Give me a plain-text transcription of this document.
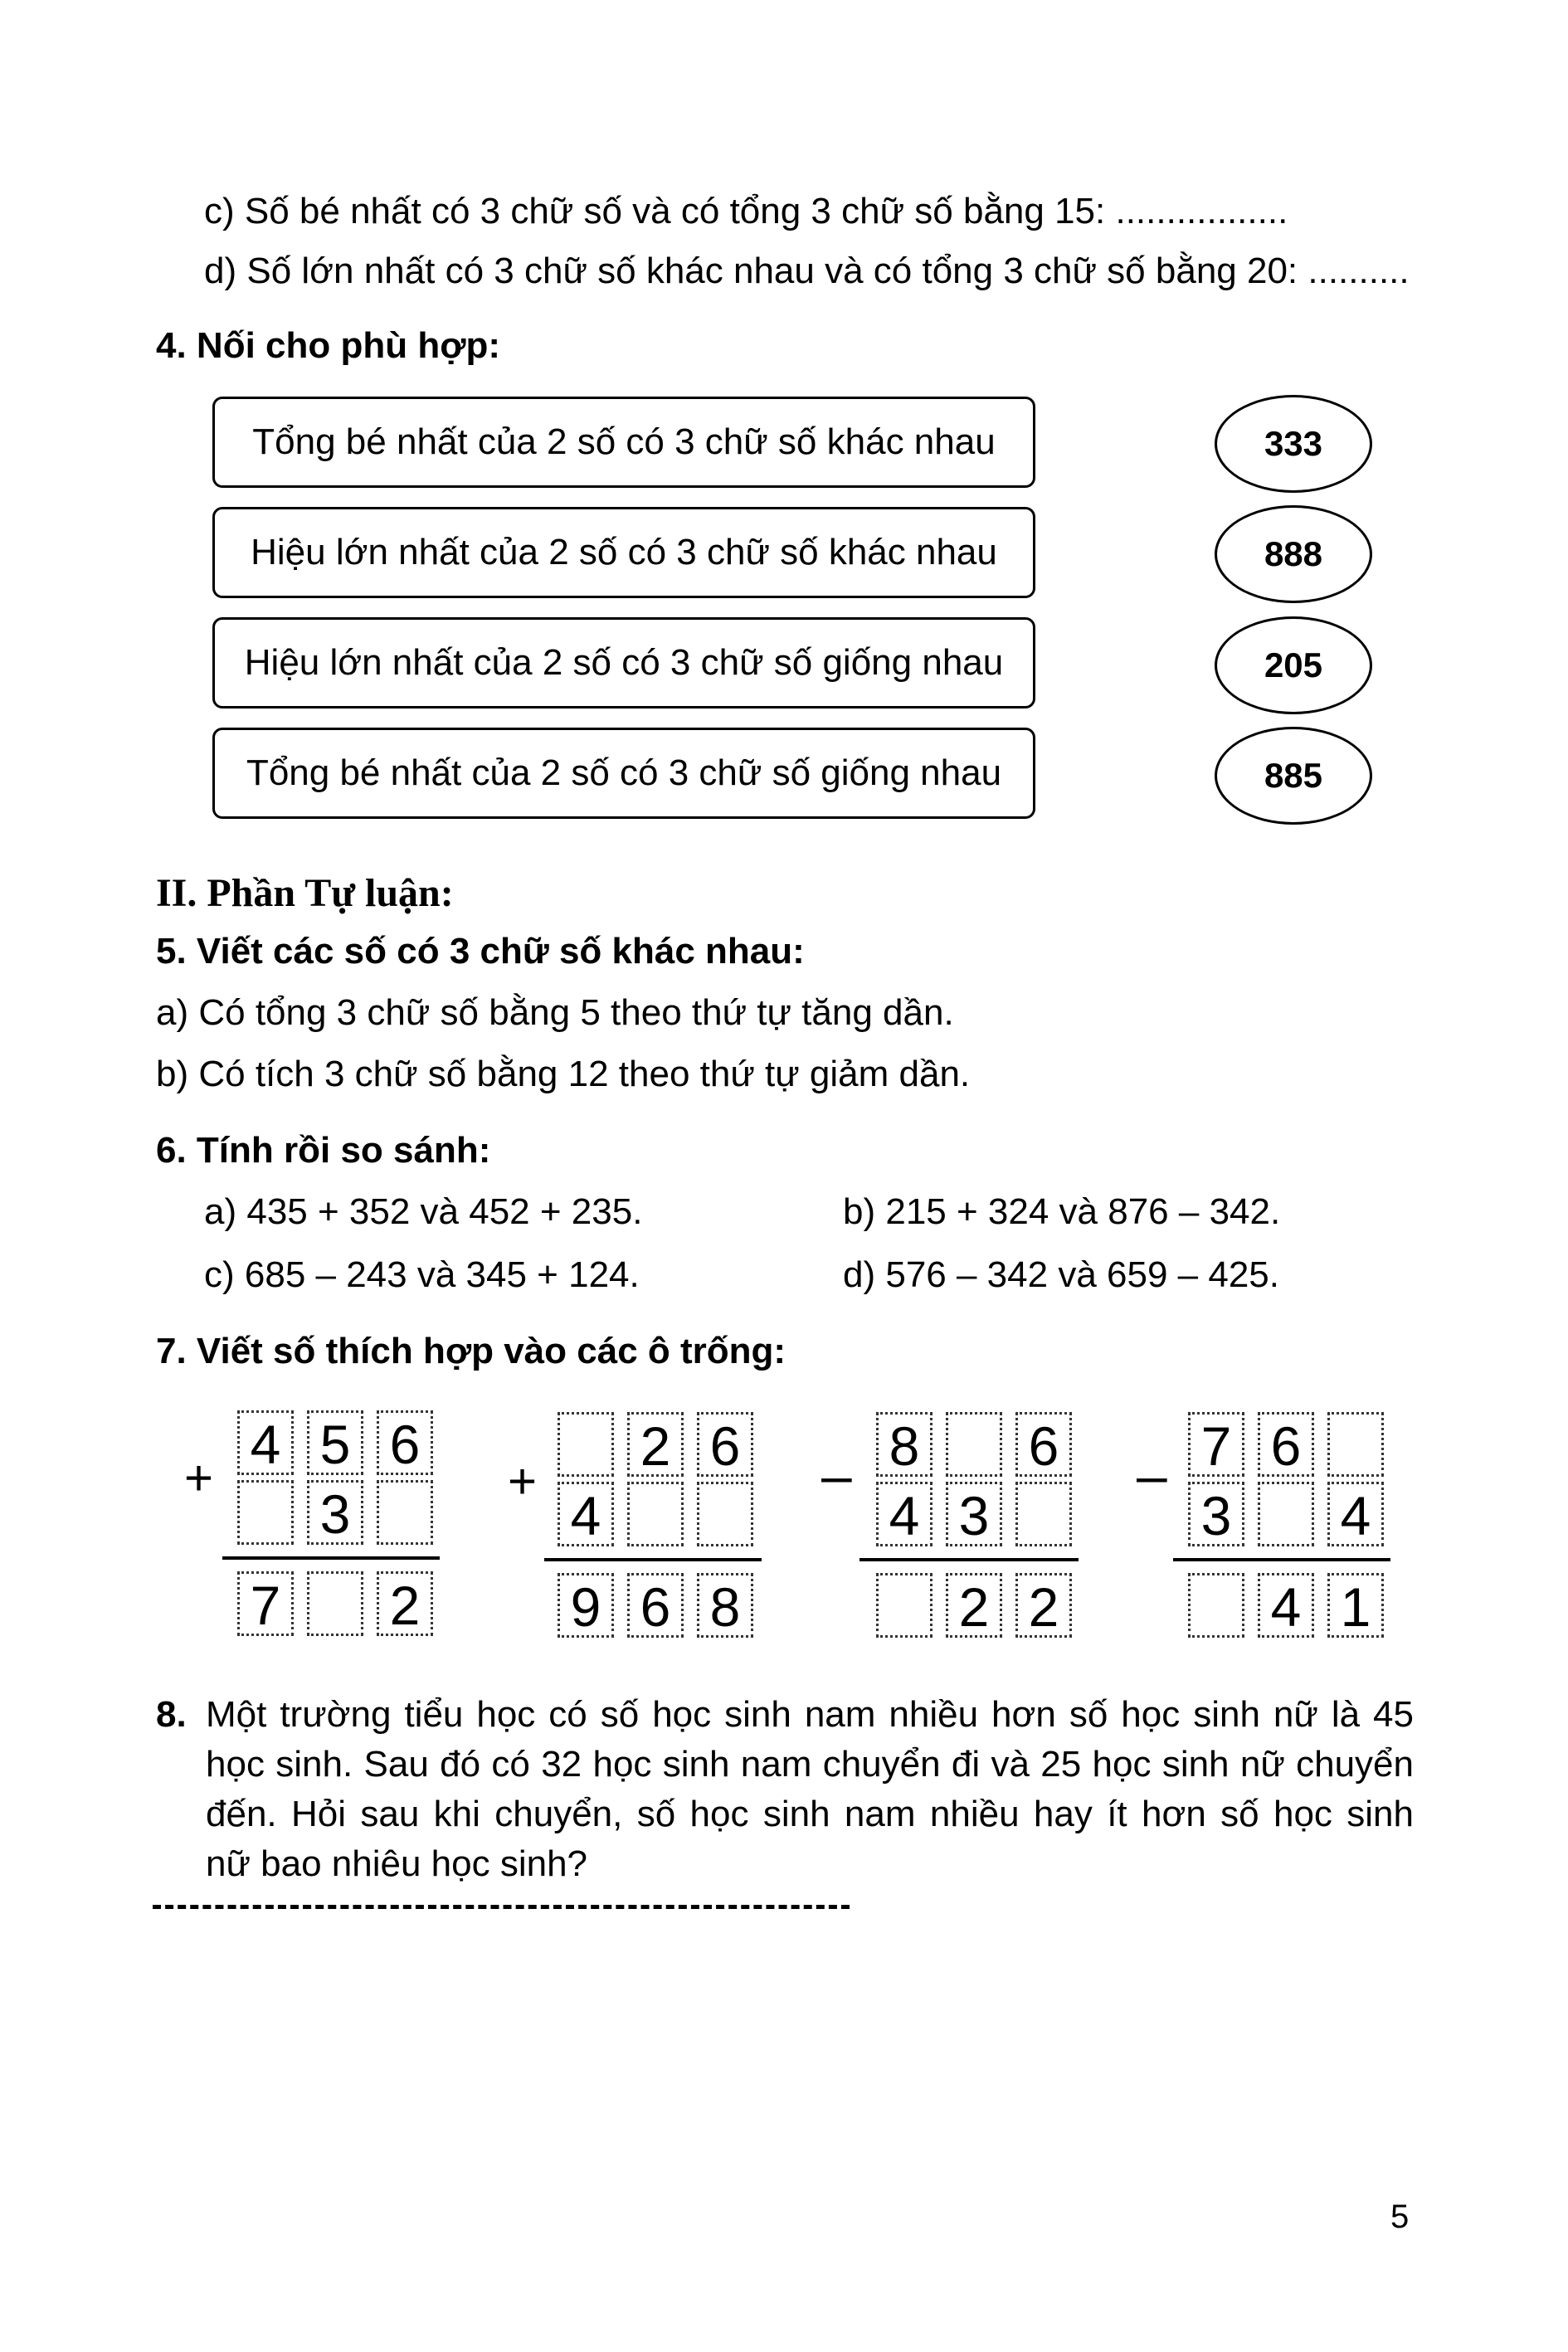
c) Số bé nhất có 3 chữ số và có tổng 3 chữ số bằng 15: .................
d) Số lớn nhất có 3 chữ số khác nhau và có tổng 3 chữ số bằng 20: ..........
4. Nối cho phù hợp:
Tổng bé nhất của 2 số có 3 chữ số khác nhau
Hiệu lớn nhất của 2 số có 3 chữ số khác nhau
Hiệu lớn nhất của 2 số có 3 chữ số giống nhau
Tổng bé nhất của 2 số có 3 chữ số giống nhau
333
888
205
885
II. Phần Tự luận:
5. Viết các số có 3 chữ số khác nhau:
a) Có tổng 3 chữ số bằng 5 theo thứ tự tăng dần.
b) Có tích 3 chữ số bằng 12 theo thứ tự giảm dần.
6. Tính rồi so sánh:
a) 435 + 352 và 452 + 235.	b) 215 + 324 và 876 – 342.
c) 685 – 243 và 345 + 124.	d) 576 – 342 và 659 – 425.
7. Viết số thích hợp vào các ô trống:
+
4 5 6
3
7 2
+
2 6
4
9 6 8
– 8 6
4 3
2 2
– 7 6
3 4
4 1
8. Một trường tiểu học có số học sinh nam nhiều hơn số học sinh nữ là 45
học sinh. Sau đó có 32 học sinh nam chuyển đi và 25 học sinh nữ chuyển
đến. Hỏi sau khi chuyển, số học sinh nam nhiều hay ít hơn số học sinh
nữ bao nhiêu học sinh?
5
